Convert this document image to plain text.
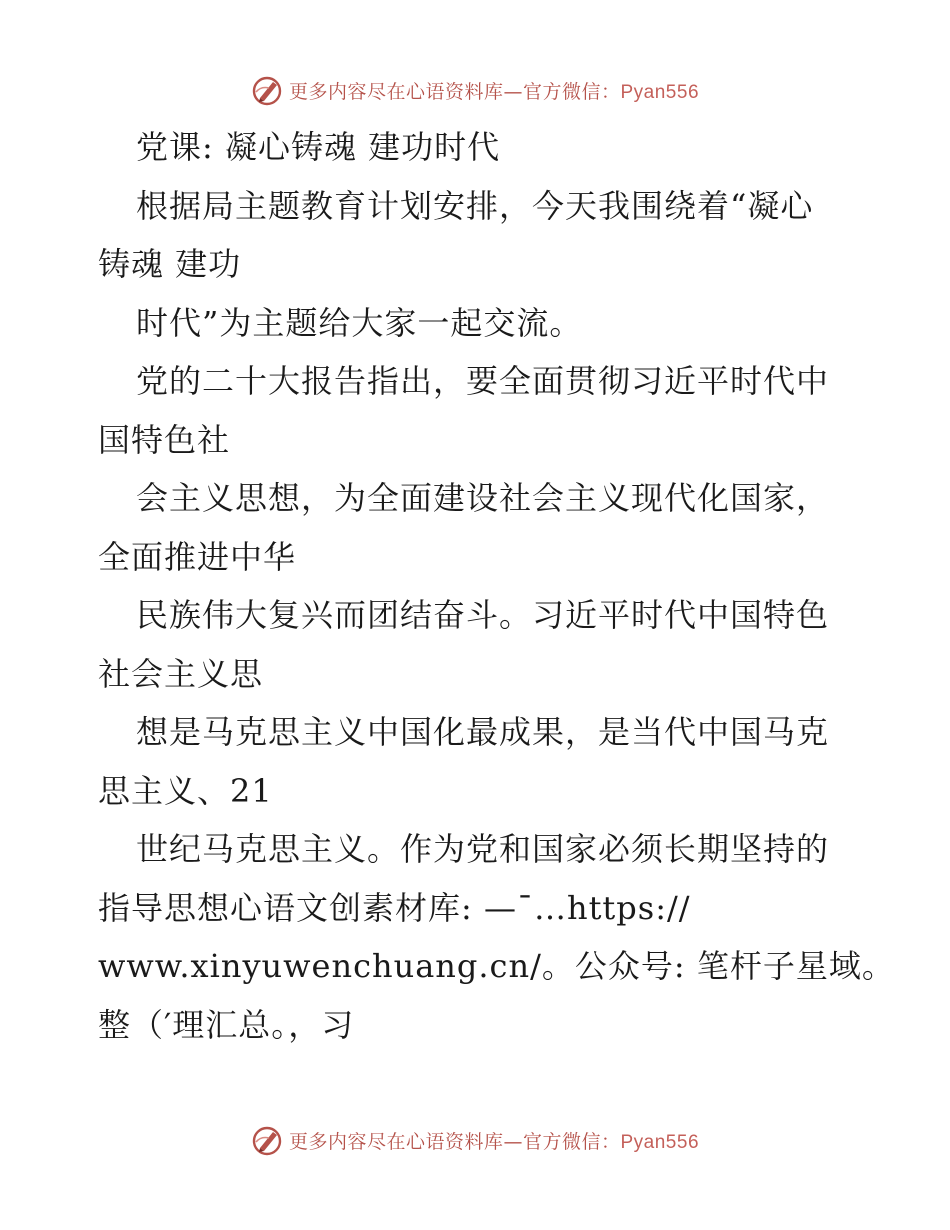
更多内容尽在心语资料库—官方微信：Pyan556
党课: 凝心铸魂 建功时代
根据局主题教育计划安排，今天我围绕着“凝心
铸魂 建功
时代”为主题给大家一起交流。
党的二十大报告指出，要全面贯彻习近平时代中
国特色社
会主义思想，为全面建设社会主义现代化国家，
全面推进中华
民族伟大复兴而团结奋斗。习近平时代中国特色
社会主义思
想是马克思主义中国化最成果，是当代中国马克
思主义、21
世纪马克思主义。作为党和国家必须长期坚持的
指导思想心语文创素材库: —¯…https://
www.xinyuwenchuang.cn/。公众号: 笔杆子星域。
整（′理汇总。，习
更多内容尽在心语资料库—官方微信：Pyan556
